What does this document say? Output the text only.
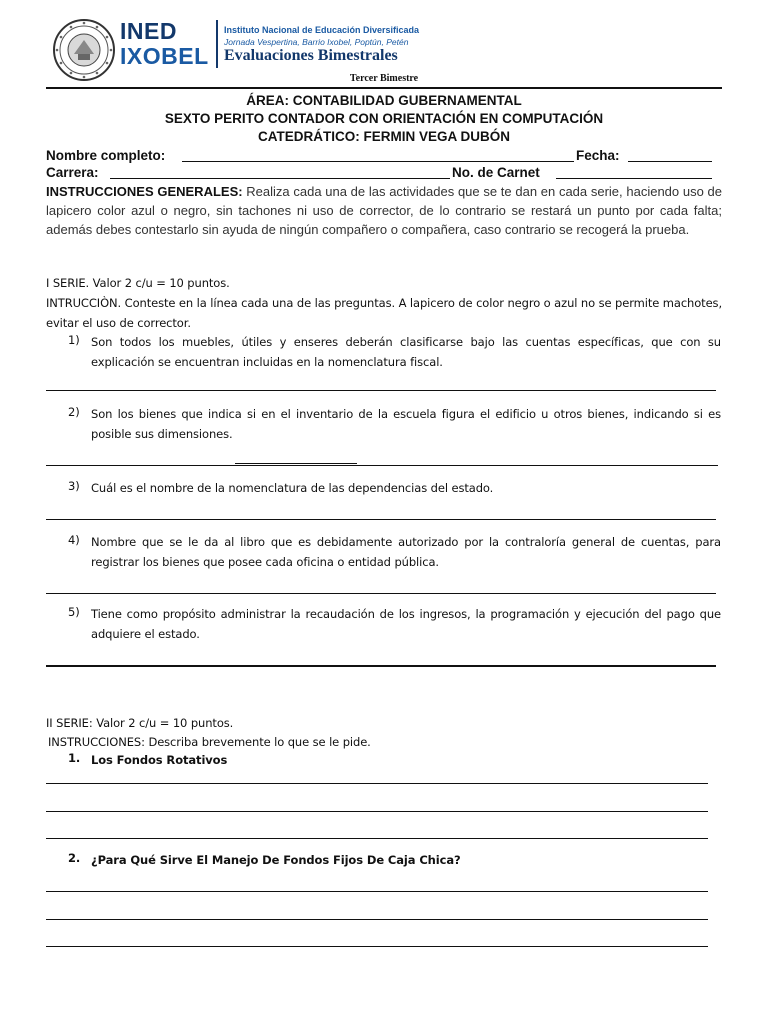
INED
IXOBEL
Instituto Nacional de Educación Diversificada
Jornada Vespertina, Barrio Ixobel, Poptún, Petén
Evaluaciones Bimestrales
Tercer Bimestre
ÁREA: CONTABILIDAD GUBERNAMENTAL
SEXTO PERITO CONTADOR CON ORIENTACIÓN EN COMPUTACIÓN
CATEDRÁTICO: FERMIN VEGA DUBÓN
Nombre completo:	Fecha:
Carrera:	No. de Carnet
INSTRUCCIONES GENERALES: Realiza cada una de las actividades que se te dan en cada serie, haciendo uso de lapicero color azul o negro, sin tachones ni uso de corrector, de lo contrario se restará un punto por cada falta; además debes contestarlo sin ayuda de ningún compañero o compañera, caso contrario se recogerá la prueba.
I SERIE. Valor 2 c/u = 10 puntos.
INTRUCCIÒN. Conteste en la línea cada una de las preguntas. A lapicero de color negro o azul no se permite machotes, evitar el uso de corrector.
1) Son todos los muebles, útiles y enseres deberán clasificarse bajo las cuentas específicas, que con su explicación se encuentran incluidas en la nomenclatura fiscal.
2) Son los bienes que indica si en el inventario de la escuela figura el edificio u otros bienes, indicando si es posible sus dimensiones.
3) Cuál es el nombre de la nomenclatura de las dependencias del estado.
4) Nombre que se le da al libro que es debidamente autorizado por la contraloría general de cuentas, para registrar los bienes que posee cada oficina o entidad pública.
5) Tiene como propósito administrar la recaudación de los ingresos, la programación y ejecución del pago que adquiere el estado.
II SERIE: Valor 2 c/u = 10 puntos.
INSTRUCCIONES: Describa brevemente lo que se le pide.
1. Los Fondos Rotativos
2. ¿Para Qué Sirve El Manejo De Fondos Fijos De Caja Chica?
